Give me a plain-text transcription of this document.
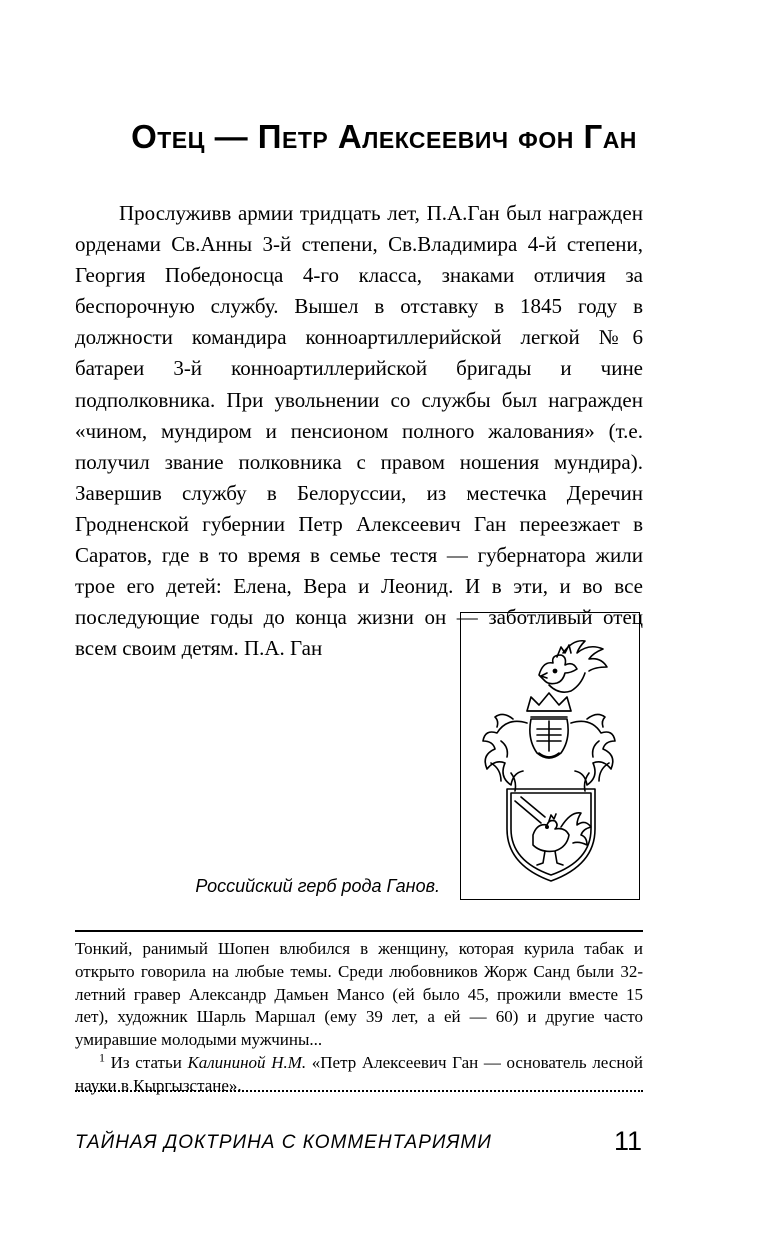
Отец — Петр Алексеевич фон Ган

Прослуживв армии тридцать лет, П.А.Ган был награжден орденами Св.Анны 3-й степени, Св.Владимира 4-й степени, Георгия Победоносца 4-го класса, знаками отличия за беспорочную службу. Вышел в отставку в 1845 году в должности командира конноартиллерийской легкой №6 батареи 3-й конноартиллерийской бригады и чине подполковника. При увольнении со службы был награжден «чином, мундиром и пенсионом полного жалования» (т.е. получил звание полковника с правом ношения мундира). Завершив службу в Белоруссии, из местечка Деречин Гродненской губернии Петр Алексеевич Ган переезжает в Саратов, где в то время в семье тестя — губернатора жили трое его детей: Елена, Вера и Леонид. И в эти, и во все последующие годы до конца жизни он — заботливый отец всем своим детям. П.А. Ган

Российский герб рода Ганов.

Тонкий, ранимый Шопен влюбился в женщину, которая курила табак и открыто говорила на любые темы. Среди любовников Жорж Санд были 32-летний гравер Александр Дамьен Мансо (ей было 45, прожили вместе 15 лет), художник Шарль Маршал (ему 39 лет, а ей — 60) и другие часто умиравшие молодыми мужчины...

$^1$ Из статьи Калининой Н.М. «Петр Алексеевич Ган — основатель лесной науки в Кыргызстане».

ТАЙНАЯ ДОКТРИНА С КОММЕНТАРИЯМИ	11
